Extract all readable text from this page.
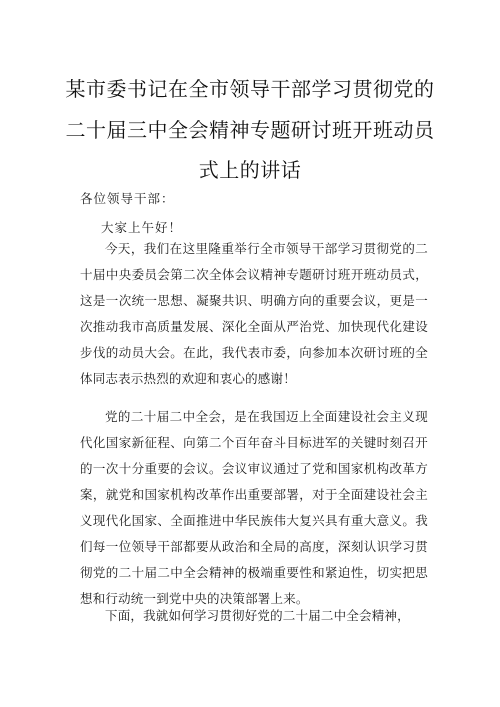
某市委书记在全市领导干部学习贯彻党的
二十届三中全会精神专题研讨班开班动员
式上的讲话
各位领导干部：
大家上午好！
今天，我们在这里隆重举行全市领导干部学习贯彻党的二十届中央委员会第二次全体会议精神专题研讨班开班动员式，这是一次统一思想、凝聚共识、明确方向的重要会议，更是一次推动我市高质量发展、深化全面从严治党、加快现代化建设步伐的动员大会。在此，我代表市委，向参加本次研讨班的全体同志表示热烈的欢迎和衷心的感谢！
党的二十届二中全会，是在我国迈上全面建设社会主义现代化国家新征程、向第二个百年奋斗目标进军的关键时刻召开的一次十分重要的会议。会议审议通过了党和国家机构改革方案，就党和国家机构改革作出重要部署，对于全面建设社会主义现代化国家、全面推进中华民族伟大复兴具有重大意义。我们每一位领导干部都要从政治和全局的高度，深刻认识学习贯彻党的二十届二中全会精神的极端重要性和紧迫性，切实把思想和行动统一到党中央的决策部署上来。
下面，我就如何学习贯彻好党的二十届二中全会精神，
